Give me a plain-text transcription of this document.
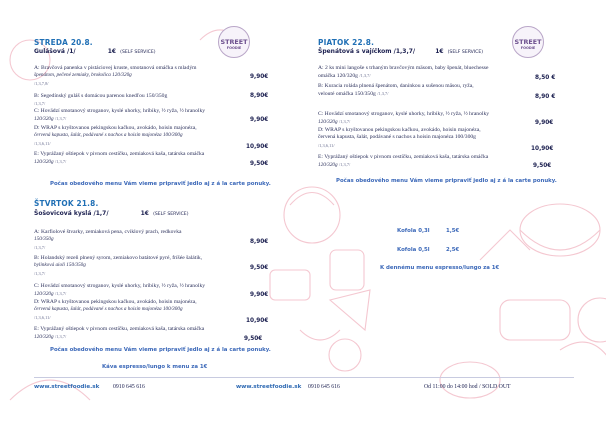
STREET
FOODIE
STREET
FOODIE
STREDA 20.8.
Gulášová /1/	1€ (SELF SERVICE)
A: Bravčová panenka v pistáciovej kruste, smotanová omáčka s mladým
špenátom, pečené zemiaky, brokolica 120/320g
/1,3,7,8/
9,90€
B: Segedínský guláš s domácou parenou knedľou 150/350g
/1,3,7/
8,90€
C: Hovädzí smotanový stroganov, kyslé uhorky, hríbiky, ½ ryža, ½ hranolky
120/320g /1,3,7/	9,90€
D: WRAP s kryštovanou pekingskou kačkou, avokádo, hoisin majonéza,
červená kapusta, šalát, podávané s nachos a hoisin majonéza 100/300g
/1,3,6,11/
10,90€
E: Vyprážaný oštiepok v pivnom cestíčku, zemiaková kaša, tatárska omáčka
120/320g /1,3,7/	9,50€
Počas obedového menu Vám vieme pripraviť jedlo aj z á la carte ponuky.
ŠTVRTOK 21.8.
Šošovicová kyslá /1,7/	1€ (SELF SERVICE)
A: Karfiolové štvarky, zemiaková pena, cviklový prach, redkovka
150/350g
/1,3,7/
8,90€
B: Holandský rezeň plnený syrom, zemiakovo batátové pyré, fríšée šalátik,
bylinková aioli 150/350g
/1,3,7/
9,50€
C: Hovädzí smotanový stroganov, kyslé uhorky, hríbiky, ½ ryža, ½ hranolky
120/320g /1,3,7/	9,90€
D: WRAP s kryštovanou pekingskou kačkou, avokádo, hoisin majonéza,
červená kapusta, šalát, podávané s nachos a hoisin majonéza 100/300g
/1,3,6,11/
10,90€
E: Vyprážaný oštiepok v pivnom cestíčku, zemiaková kaša, tatárska omáčka
120/320g /1,3,7/	9,50€
Počas obedového menu Vám vieme pripraviť jedlo aj z á la carte ponuky.
Káva espresso/lungo k menu za 1€
PIATOK 22.8.
Špenátová s vajíčkom /1,3,7/	1€ (SELF SERVICE)
A: 2 ks mini langoše s trhaným bravčovým mäsom, baby špenát, bluechesse
omáčka 120/320g /1,3,7/	8,50 €
B: Kuracia roláda plnená špenátom, danínkou a sušenou mäsou, ryža,
velouté omáčka 150/350g /1,3,7/
8,90 €
C: Hovädzí smotanový stroganov, kyslé uhorky, hríbiky, ½ ryža, ½ hranolky
120/320g /1,3,7/	9,90€
D: WRAP s kryštovanou pekingskou kačkou, avokádo, hoisin majonéza,
červená kapusta, šalát, podávané s nachos a hoisin majonéza 100/300g
/1,3,6,11/
10,90€
E: Vyprážaný oštiepok v pivnom cestíčku, zemiaková kaša, tatárska omáčka
120/320g /1,3,7/	9,50€
Počas obedového menu Vám vieme pripraviť jedlo aj z á la carte ponuky.
Kofola 0,3l	1,5€
Kofola 0,5l	2,5€
K dennému menu espresso/lungo za 1€
www.streetfoodie.sk 0910 645 616	www.streetfoodie.sk 0910 645 616	Od 11:00 do 14:00 hod / SOLD OUT
